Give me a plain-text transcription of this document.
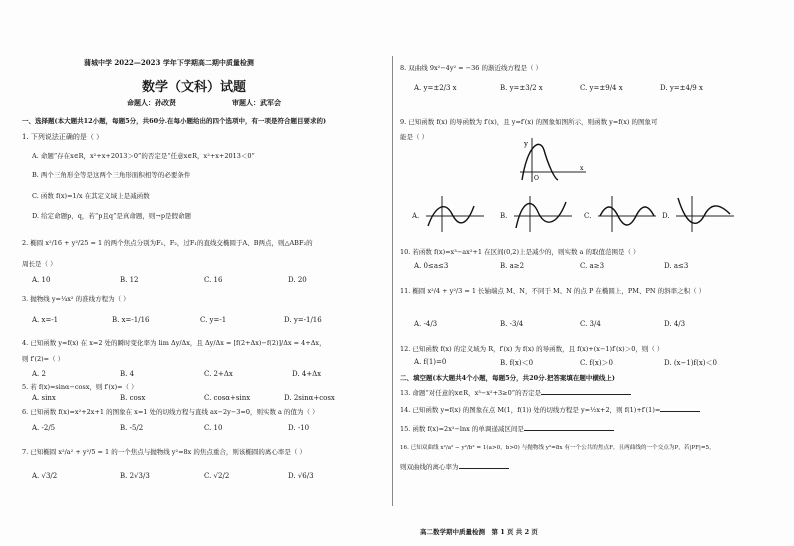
蒲城中学 2022—2023 学年下学期高二期中质量检测
数学（文科）试题
命题人：孙改贤	审题人：武军会
一、选择题(本大题共12小题，每题5分，共60分.在每小题给出的四个选项中，有一项是符合题目要求的)
1. 下列说法正确的是（ ）
A. 命题“存在x∈R，x²+x+2013＞0”的否定是“任意x∈R，x²+x+2013＜0”
B. 两个三角形全等是这两个三角形面积相等的必要条件
C. 函数 f(x)=1/x 在其定义域上是减函数
D. 给定命题p，q，若“p且q”是真命题，则¬p是假命题
2. 椭圆 x²/16 + y²/25 = 1 的两个焦点分别为F₁、F₂，过F₁的直线交椭圆于A、B两点，则△ABF₂的
周长是（ ）
A. 10	B. 12	C. 16	D. 20
3. 抛物线 y=¼x² 的准线方程为（ ）
A. x=-1	B. x=-1/16	C. y=-1	D. y=-1/16
4. 已知函数 y=f(x) 在 x=2 处的瞬时变化率为 lim Δy/Δx，且 Δy/Δx = [f(2+Δx)−f(2)]/Δx = 4+Δx，
则 f′(2)=（ ）
A. 2	B. 4	C. 2+Δx	D. 4+Δx
5. 若 f(x)=sinα−cosx，则 f′(x)=（ ）
A. sinx	B. cosx	C. cosα+sinx	D. 2sinα+cosx
6. 已知函数 f(x)=x²+2x+1 的图象在 x=1 处的切线方程与直线 ax−2y−3=0，则实数 a 的值为（ ）
A. -2/5	B. -5/2	C. 10	D. -10
7. 已知椭圆 x²/a² + y²/5 = 1 的一个焦点与抛物线 y²=8x 的焦点重合，则该椭圆的离心率是（ ）
A. √3/2	B. 2√3/3	C. √2/2	D. √6/3
8. 双曲线 9x²−4y² = −36 的渐近线方程是（ ）
A. y=±2/3 x	B. y=±3/2 x	C. y=±9/4 x	D. y=±4/9 x
9. 已知函数 f(x) 的导函数为 f′(x)，且 y=f′(x) 的图象如图所示，则函数 y=f(x) 的图象可
能是（ ）
y
O
x
A.	B.	C.	D.
10. 若函数 f(x)=x³−ax²+1 在区间(0,2)上是减少的，则实数 a 的取值范围是（ ）
A. 0≤a≤3	B. a≥2	C. a≥3	D. a≤3
11. 椭圆 x²/4 + y²/3 = 1 长轴端点 M、N，不同于 M、N 的点 P 在椭圆上，PM、PN 的斜率之积（ ）
A. -4/3	B. -3/4	C. 3/4	D. 4/3
12. 已知函数 f(x) 的定义域为 R，f′(x) 为 f(x) 的导函数，且 f(x)+(x−1)f′(x)＞0，则（ ）
A. f(1)=0	B. f(x)＜0	C. f(x)＞0	D. (x−1)f(x)＜0
二、填空题(本大题共4个小题，每题5分，共20分.把答案填在题中横线上)
13. 命题“对任意的x∈R，x³−x²+3≥0”的否定是
14. 已知函数 y=f(x) 的图象在点 M(1，f(1)) 处的切线方程是 y=½x+2，则 f(1)+f′(1)=
15. 函数 f(x)=2x²−lnx 的单调递减区间是
16. 已知双曲线 x²/a² − y²/b² = 1(a>0，b>0) 与抛物线 y²=8x 有一个公共的焦点F，且两曲线的一个交点为P，若|PF|=5，
则双曲线的离心率为
高二数学期中质量检测　第 1 页 共 2 页
